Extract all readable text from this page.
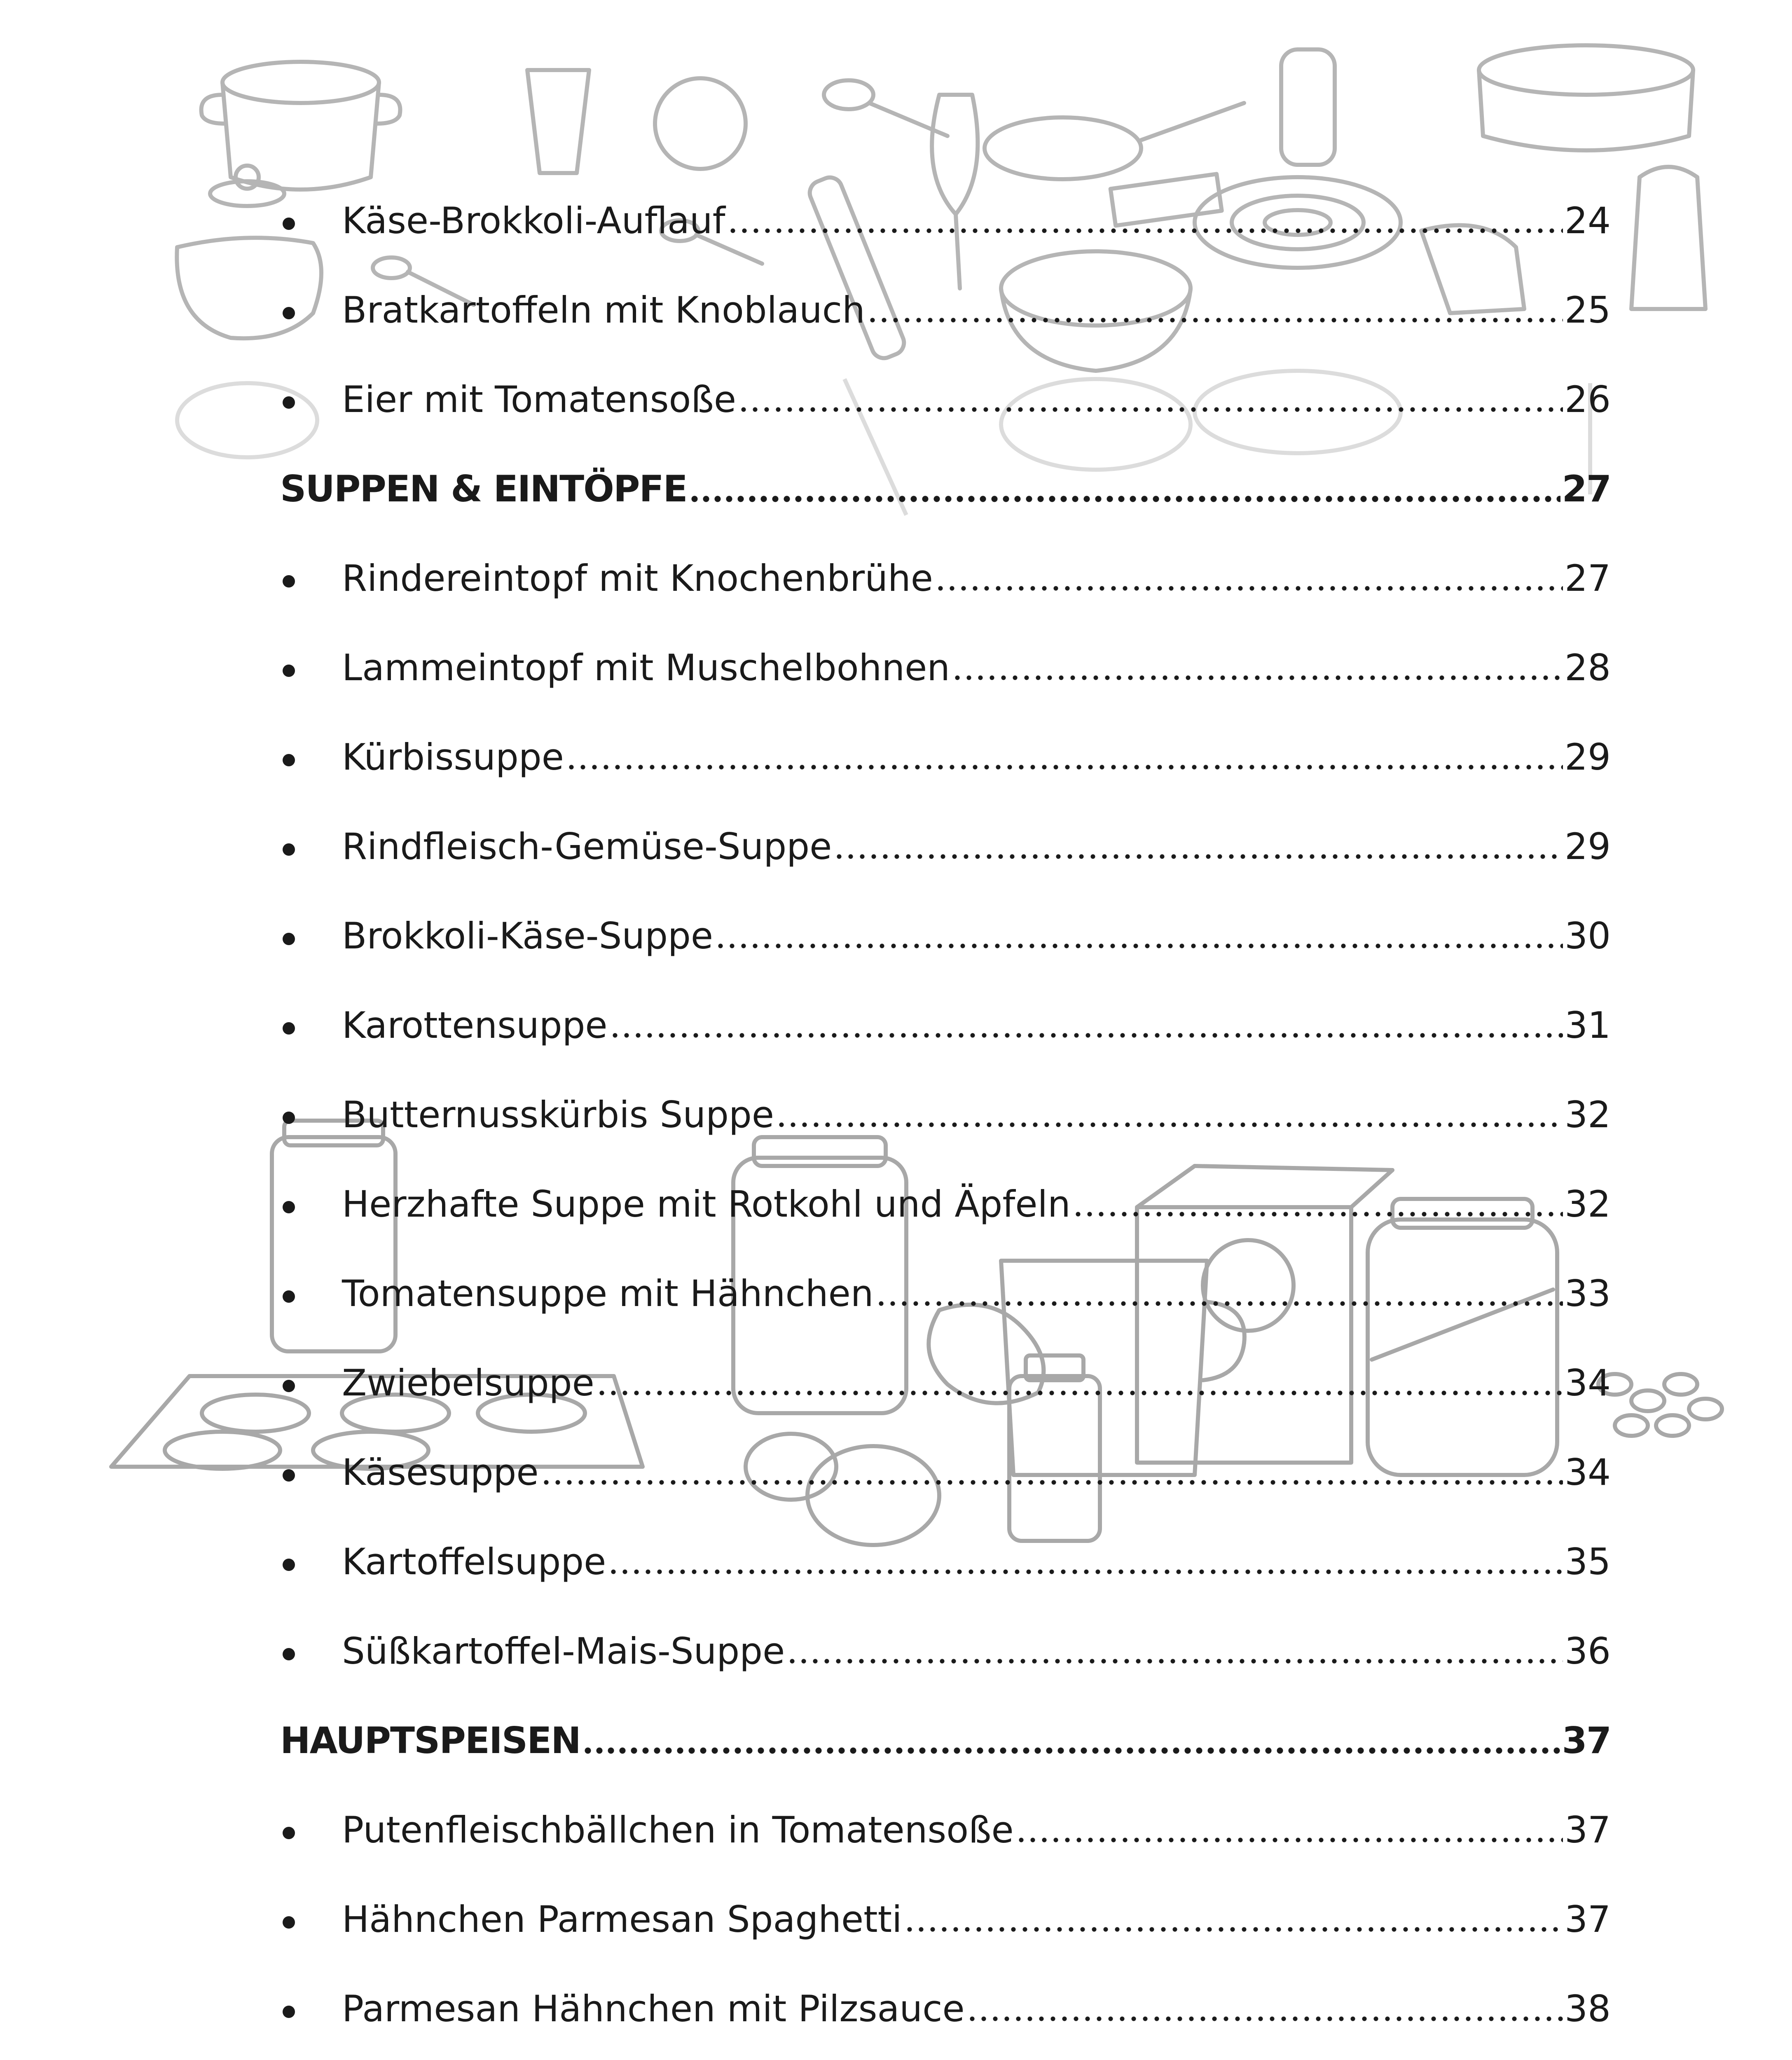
Käse-Brokkoli-Auflauf	24
Bratkartoffeln mit Knoblauch	25
Eier mit Tomatensoße	26
SUPPEN & EINTÖPFE	27
Rindereintopf mit Knochenbrühe	27
Lammeintopf mit Muschelbohnen	28
Kürbissuppe	29
Rindfleisch-Gemüse-Suppe	29
Brokkoli-Käse-Suppe	30
Karottensuppe	31
Butternusskürbis Suppe	32
Herzhafte Suppe mit Rotkohl und Äpfeln	32
Tomatensuppe mit Hähnchen	33
Zwiebelsuppe	34
Käsesuppe	34
Kartoffelsuppe	35
Süßkartoffel-Mais-Suppe	36
HAUPTSPEISEN	37
Putenfleischbällchen in Tomatensoße	37
Hähnchen Parmesan Spaghetti	37
Parmesan Hähnchen mit Pilzsauce	38
